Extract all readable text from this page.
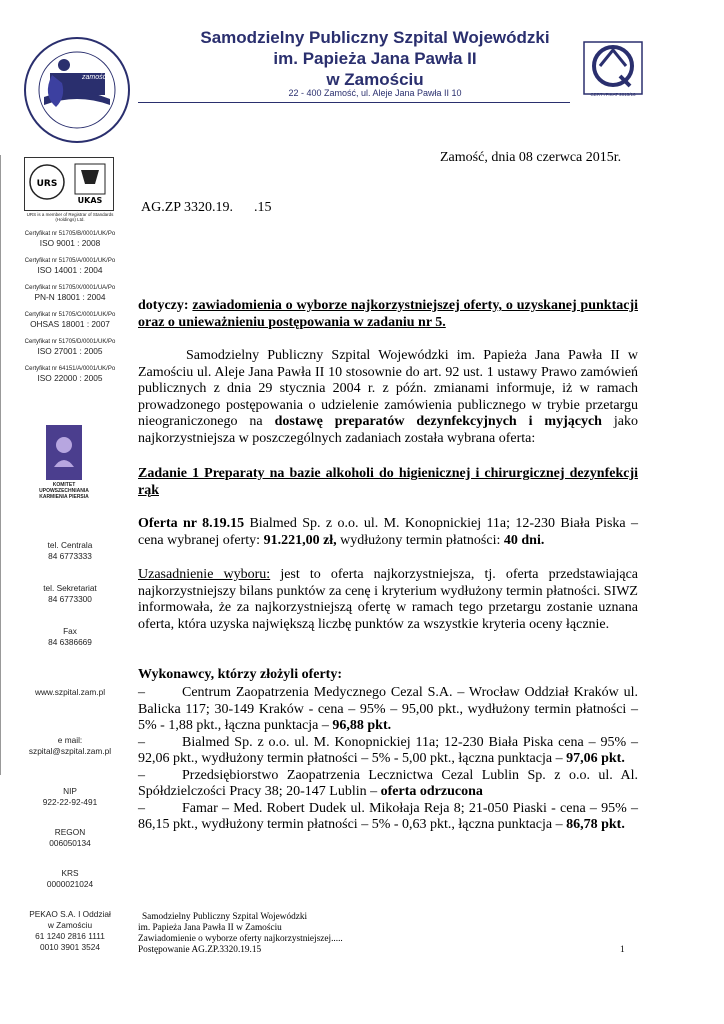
zamość
Samodzielny Publiczny Szpital Wojewódzki
im. Papieża Jana Pawła II
w Zamościu
22 - 400 Zamość, ul. Aleje Jana Pawła II 10	CERTYFIKAT 2015/16
URS
UKAS
URS is a member of Registrar of Standards (Holdings) Ltd.
Certyfikat nr 51705/B/0001/UK/Po
ISO 9001 : 2008
Certyfikat nr 51705/A/0001/UK/Po
ISO 14001 : 2004
Certyfikat nr 51705/X/0001/UA/Po
PN-N 18001 : 2004
Certyfikat nr 51705/C/0001/UK/Po
OHSAS 18001 : 2007
Certyfikat nr 51705/D/0001/UK/Po
ISO 27001 : 2005
Certyfikat nr 64151/A/0001/UK/Po
ISO 22000 : 2005
KOMITET UPOWSZECHNIANIA KARMIENIA PIERSIA
tel. Centrala
84 6773333
tel. Sekretariat
84 6773300
Fax
84 6386669
www.szpital.zam.pl
e mail:
szpital@szpital.zam.pl
NIP
922-22-92-491
REGON
006050134
KRS
0000021024
PEKAO S.A. I Oddział
w Zamościu
61 1240 2816 1111
0010 3901 3524
Zamość, dnia 08 czerwca 2015r.
AG.ZP 3320.19.      .15
dotyczy: zawiadomienia o wyborze najkorzystniejszej oferty, o uzyskanej punktacji oraz o unieważnieniu postępowania w zadaniu nr 5.
Samodzielny Publiczny Szpital Wojewódzki im. Papieża Jana Pawła II w Zamościu ul. Aleje Jana Pawła II 10 stosownie do art. 92 ust. 1 ustawy Prawo zamówień publicznych z dnia 29 stycznia 2004 r. z późn. zmianami informuje, iż w ramach prowadzonego postępowania o udzielenie zamówienia publicznego w trybie przetargu nieograniczonego na dostawę preparatów dezynfekcyjnych i myjących jako najkorzystniejsza w poszczególnych zadaniach została wybrana oferta:
Zadanie 1 Preparaty na bazie alkoholi do higienicznej i chirurgicznej dezynfekcji rąk
Oferta nr 8.19.15 Bialmed Sp. z o.o. ul. M. Konopnickiej 11a; 12-230 Biała Piska – cena wybranej oferty: 91.221,00 zł, wydłużony termin płatności: 40 dni.
Uzasadnienie wyboru: jest to oferta najkorzystniejsza, tj. oferta przedstawiająca najkorzystniejszy bilans punktów za cenę i kryterium wydłużony termin płatności. SIWZ informowała, że za najkorzystniejszą ofertę w ramach tego przetargu zostanie uznana oferta, która uzyska największą liczbę punktów za wszystkie kryteria oceny łącznie.
Wykonawcy, którzy złożyli oferty:
–	Centrum Zaopatrzenia Medycznego Cezal S.A. – Wrocław Oddział Kraków ul. Balicka 117; 30-149 Kraków - cena – 95% – 95,00 pkt., wydłużony termin płatności – 5% - 1,88 pkt., łączna punktacja – 96,88 pkt.
–	Bialmed Sp. z o.o. ul. M. Konopnickiej 11a; 12-230 Biała Piska cena – 95% – 92,06 pkt., wydłużony termin płatności – 5% - 5,00 pkt., łączna punktacja – 97,06 pkt.
–	Przedsiębiorstwo Zaopatrzenia Lecznictwa Cezal Lublin Sp. z o.o. ul. Al. Spółdzielczości Pracy 38; 20-147 Lublin – oferta odrzucona
–	Famar – Med. Robert Dudek ul. Mikołaja Reja 8; 21-050 Piaski - cena – 95% – 86,15 pkt., wydłużony termin płatności – 5% - 0,63 pkt., łączna punktacja – 86,78 pkt.
Samodzielny Publiczny Szpital Wojewódzki
im. Papieża Jana Pawła II w Zamościu
Zawiadomienie o wyborze oferty najkorzystniejszej.....
Postępowanie AG.ZP.3320.19.15	1
